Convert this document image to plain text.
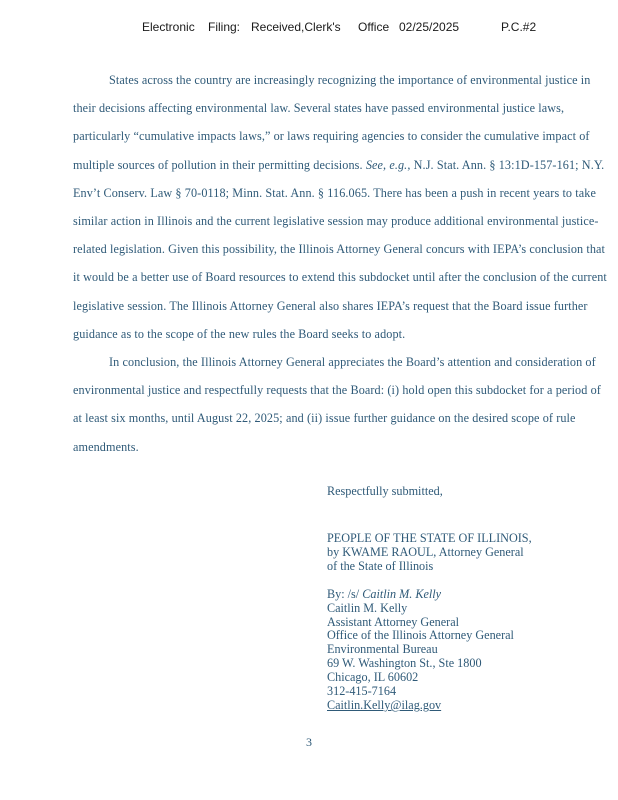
Electronic Filing: Received,Clerk's Office 02/25/2025	P.C.#2

States across the country are increasingly recognizing the importance of environmental justice in their decisions affecting environmental law. Several states have passed environmental justice laws, particularly “cumulative impacts laws,” or laws requiring agencies to consider the cumulative impact of multiple sources of pollution in their permitting decisions. See, e.g., N.J. Stat. Ann. § 13:1D-157-161; N.Y. Env’t Conserv. Law § 70-0118; Minn. Stat. Ann. § 116.065. There has been a push in recent years to take similar action in Illinois and the current legislative session may produce additional environmental justice-related legislation. Given this possibility, the Illinois Attorney General concurs with IEPA’s conclusion that it would be a better use of Board resources to extend this subdocket until after the conclusion of the current legislative session. The Illinois Attorney General also shares IEPA’s request that the Board issue further guidance as to the scope of the new rules the Board seeks to adopt.

In conclusion, the Illinois Attorney General appreciates the Board’s attention and consideration of environmental justice and respectfully requests that the Board: (i) hold open this subdocket for a period of at least six months, until August 22, 2025; and (ii) issue further guidance on the desired scope of rule amendments.

Respectfully submitted,
PEOPLE OF THE STATE OF ILLINOIS,
by KWAME RAOUL, Attorney General
of the State of Illinois
By: /s/ Caitlin M. Kelly
Caitlin M. Kelly
Assistant Attorney General
Office of the Illinois Attorney General
Environmental Bureau
69 W. Washington St., Ste 1800
Chicago, IL 60602
312-415-7164
Caitlin.Kelly@ilag.gov
3
